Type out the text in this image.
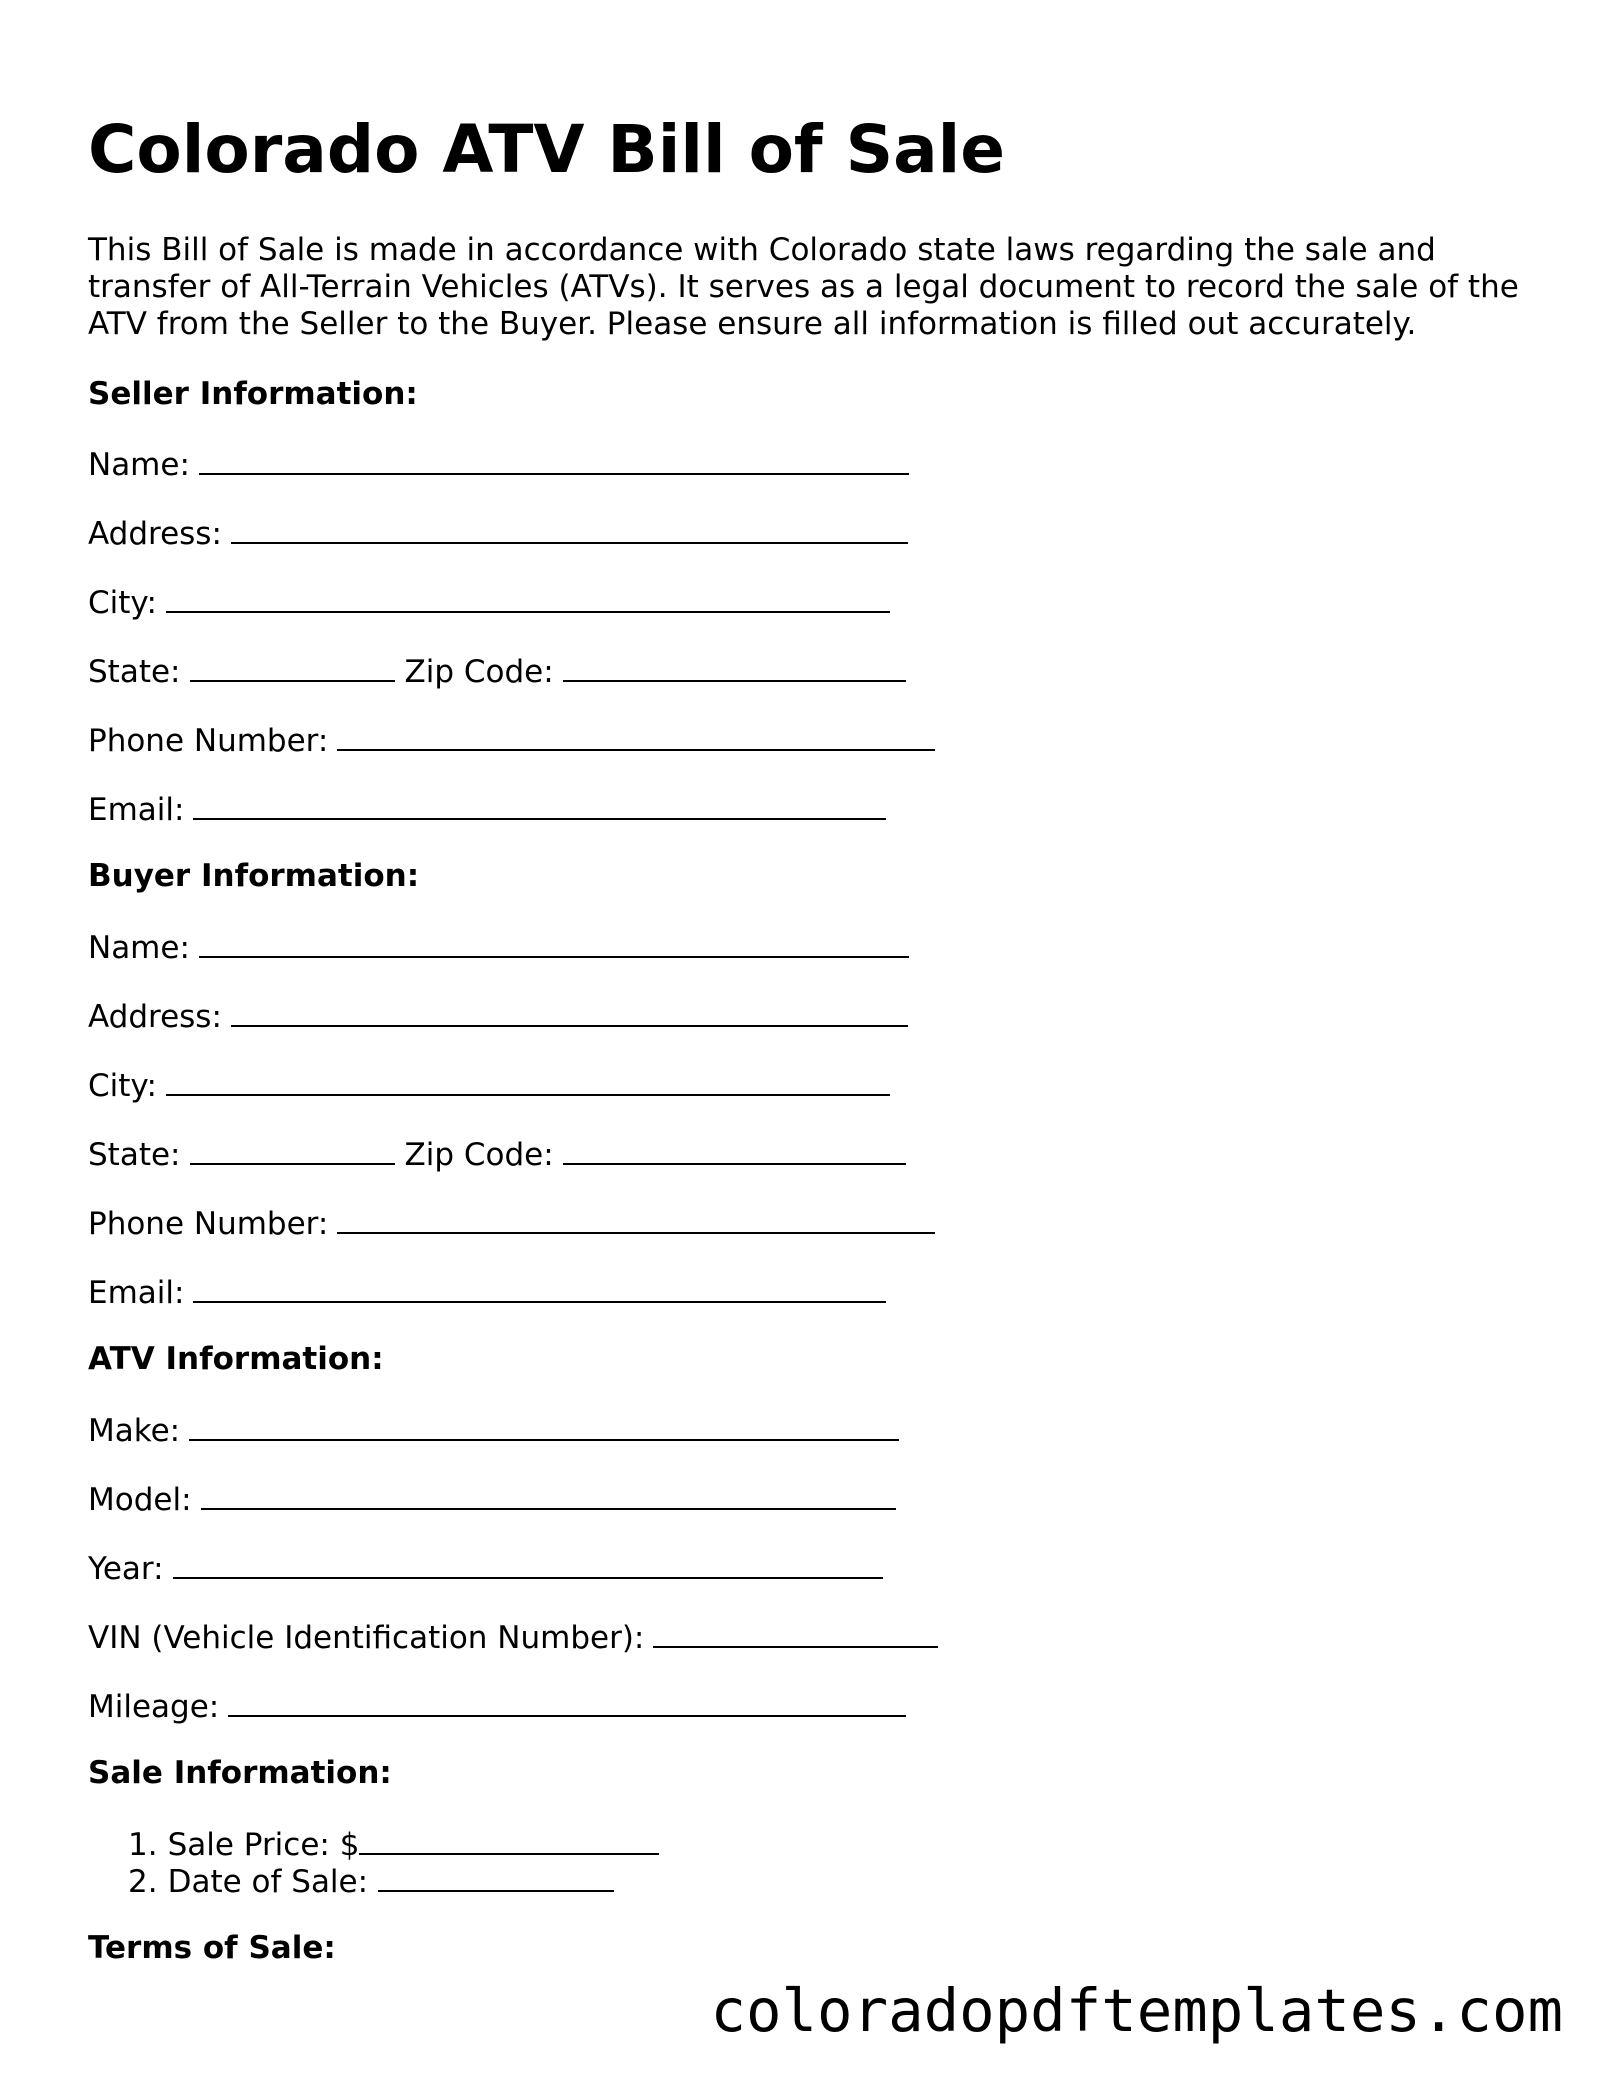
Colorado ATV Bill of Sale

This Bill of Sale is made in accordance with Colorado state laws regarding the sale and transfer of All-Terrain Vehicles (ATVs). It serves as a legal document to record the sale of the ATV from the Seller to the Buyer. Please ensure all information is filled out accurately.

Seller Information:
Name:
Address:
City:
State:	Zip Code:
Phone Number:
Email:
Buyer Information:
Name:
Address:
City:
State:	Zip Code:
Phone Number:
Email:
ATV Information:
Make:
Model:
Year:
VIN (Vehicle Identification Number):
Mileage:
Sale Information:
1. Sale Price: $
2. Date of Sale:
Terms of Sale:
coloradopdftemplates.com
